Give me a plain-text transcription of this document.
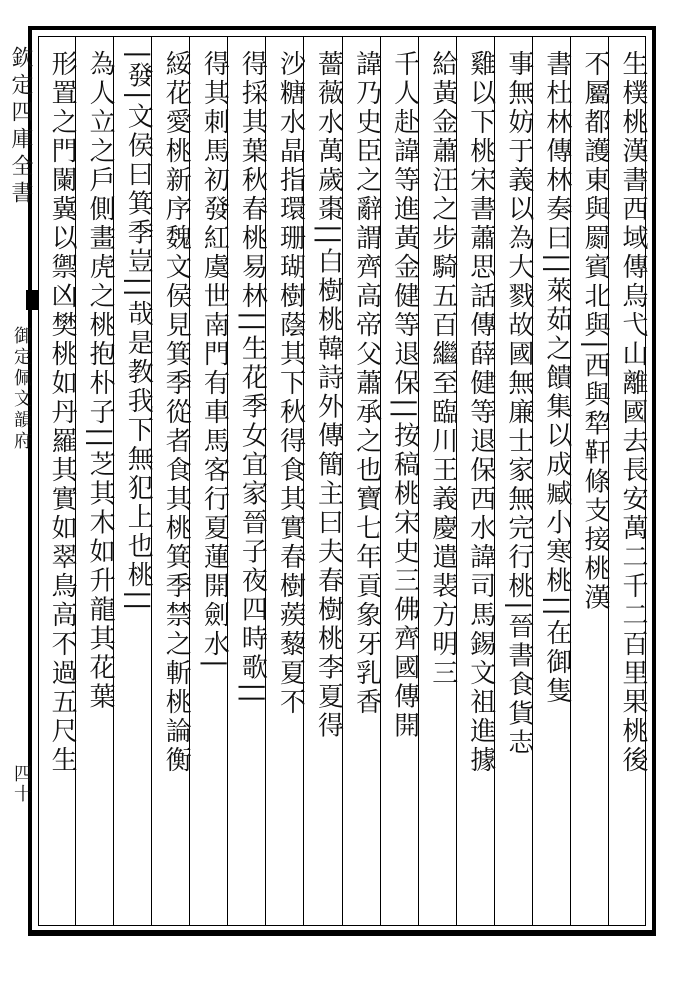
欽定四庫全書
御定佩文韻府
四十
生樸桃漢書西域傳烏弋山離國去長安萬二千二百里果桃後
不屬都護東與罽賓北與|西與犂靬條支接桃漢
書杜林傳林奏曰||萊茹之饋集以成臧小寒桃||在御隻
事無妨于義以為大戮故國無廉士家無完行桃|晉書食貨志
雞以下桃宋書蕭思話傳薛健等退保西水諱司馬錫文祖進據
給黃金蕭汪之步騎五百繼至臨川王義慶遣裴方明三
千人赴諱等進黃金健等退保||按稿桃宋史三佛齊國傳開
諱乃史臣之辭謂齊高帝父蕭承之也寶七年貢象牙乳香
薔薇水萬歲棗||白樹桃韓詩外傳簡主曰夫春樹桃李夏得
沙糖水晶指環珊瑚樹蔭其下秋得食其實春樹蒺藜夏不
得採其葉秋春桃易林||生花季女宜家晉子夜四時歌||
得其刺馬初發紅虞世南門有車馬客行夏蓮開劍水|
綏花愛桃新序魏文侯見箕季從者食其桃箕季禁之斬桃論衡
|發|文侯曰箕季豈||哉是教我下無犯上也桃||
為人立之戶側畫虎之桃抱朴子||芝其木如升龍其花葉
形置之門闌冀以禦凶樊桃如丹羅其實如翠鳥高不過五尺生
